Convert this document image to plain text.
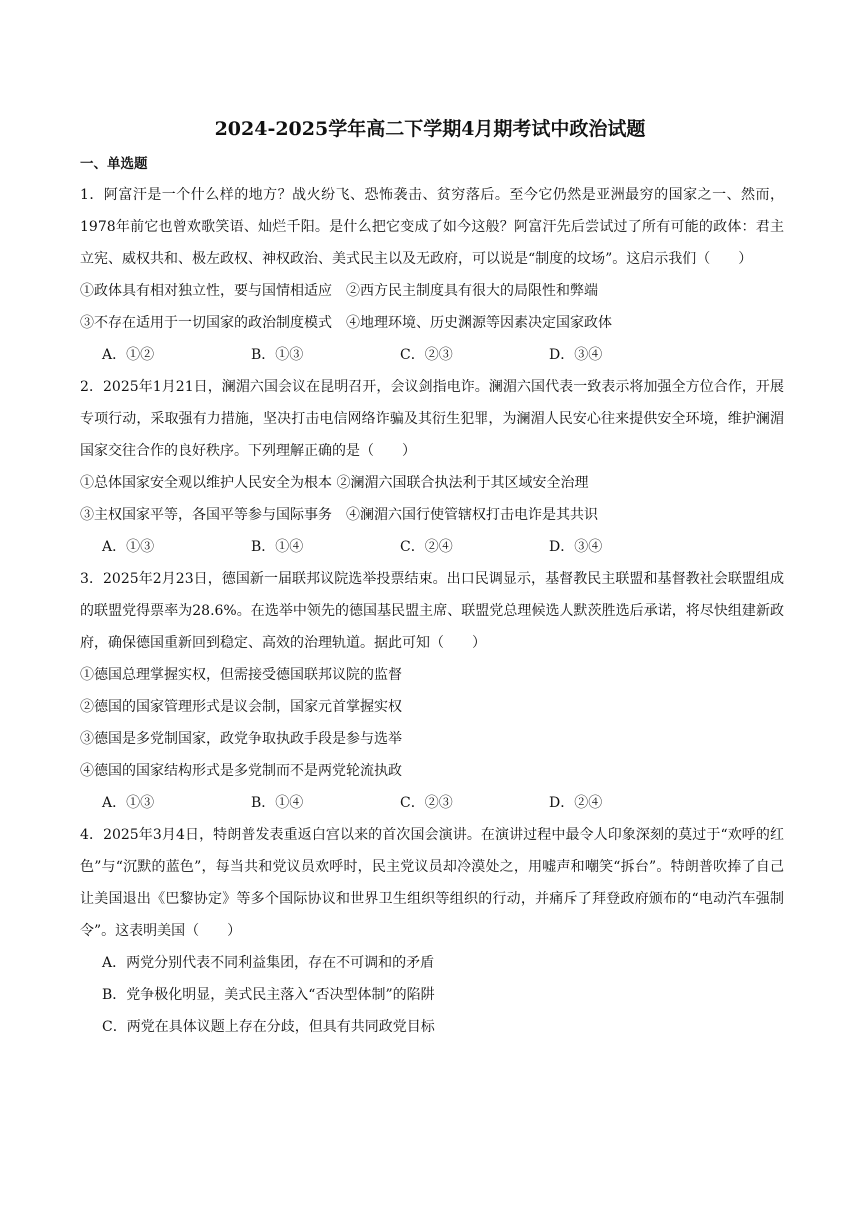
2024-2025学年高二下学期4月期考试中政治试题
一、单选题
1．阿富汗是一个什么样的地方？战火纷飞、恐怖袭击、贫穷落后。至今它仍然是亚洲最穷的国家之一、然而，1978年前它也曾欢歌笑语、灿烂千阳。是什么把它变成了如今这般？阿富汗先后尝试过了所有可能的政体：君主立宪、威权共和、极左政权、神权政治、美式民主以及无政府，可以说是“制度的坟场”。这启示我们（　　）
①政体具有相对独立性，要与国情相适应　②西方民主制度具有很大的局限性和弊端
③不存在适用于一切国家的政治制度模式　④地理环境、历史渊源等因素决定国家政体
A．①②	B．①③	C．②③	D．③④
2．2025年1月21日，澜湄六国会议在昆明召开，会议剑指电诈。澜湄六国代表一致表示将加强全方位合作，开展专项行动，采取强有力措施，坚决打击电信网络诈骗及其衍生犯罪，为澜湄人民安心往来提供安全环境，维护澜湄国家交往合作的良好秩序。下列理解正确的是（　　）
①总体国家安全观以维护人民安全为根本 ②澜湄六国联合执法利于其区域安全治理
③主权国家平等，各国平等参与国际事务　④澜湄六国行使管辖权打击电诈是其共识
A．①③	B．①④	C．②④	D．③④
3．2025年2月23日，德国新一届联邦议院选举投票结束。出口民调显示，基督教民主联盟和基督教社会联盟组成的联盟党得票率为28.6%。在选举中领先的德国基民盟主席、联盟党总理候选人默茨胜选后承诺，将尽快组建新政府，确保德国重新回到稳定、高效的治理轨道。据此可知（　　）
①德国总理掌握实权，但需接受德国联邦议院的监督
②德国的国家管理形式是议会制，国家元首掌握实权
③德国是多党制国家，政党争取执政手段是参与选举
④德国的国家结构形式是多党制而不是两党轮流执政
A．①③	B．①④	C．②③	D．②④
4．2025年3月4日，特朗普发表重返白宫以来的首次国会演讲。在演讲过程中最令人印象深刻的莫过于“欢呼的红色”与“沉默的蓝色”，每当共和党议员欢呼时，民主党议员却冷漠处之，用嘘声和嘲笑“拆台”。特朗普吹捧了自己让美国退出《巴黎协定》等多个国际协议和世界卫生组织等组织的行动，并痛斥了拜登政府颁布的“电动汽车强制令”。这表明美国（　　）
A．两党分别代表不同利益集团，存在不可调和的矛盾
B．党争极化明显，美式民主落入“否决型体制”的陷阱
C．两党在具体议题上存在分歧，但具有共同政党目标
